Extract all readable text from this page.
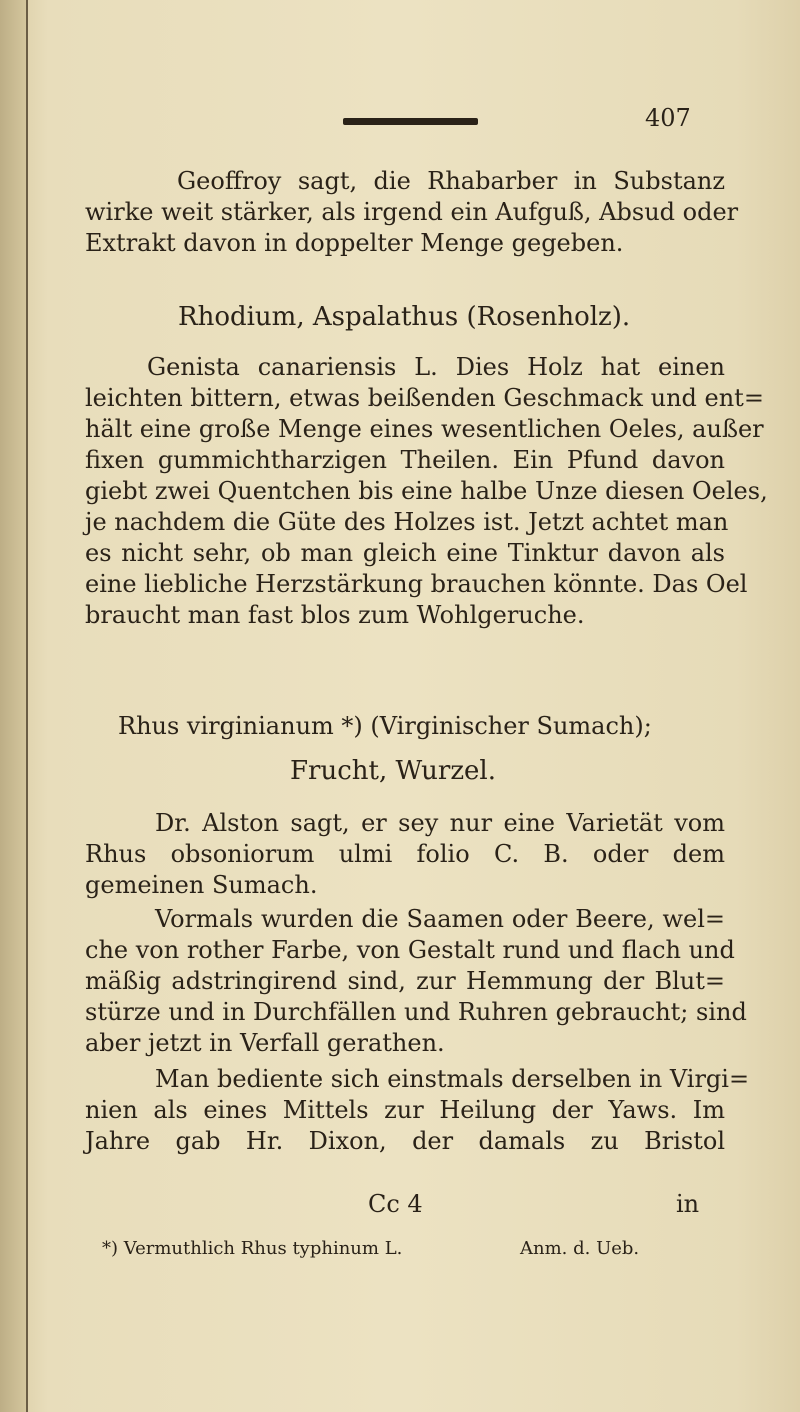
407
Geoffroy sagt, die Rhabarber in Substanz
wirke weit stärker, als irgend ein Aufguß, Absud oder
Extrakt davon in doppelter Menge gegeben.
Rhodium, Aspalathus (Rosenholz).
Genista canariensis L. Dies Holz hat einen
leichten bittern, etwas beißenden Geschmack und ent=
hält eine große Menge eines wesentlichen Oeles, außer
fixen gummichtharzigen Theilen. Ein Pfund davon
giebt zwei Quentchen bis eine halbe Unze diesen Oeles,
je nachdem die Güte des Holzes ist. Jetzt achtet man
es nicht sehr, ob man gleich eine Tinktur davon als
eine liebliche Herzstärkung brauchen könnte. Das Oel
braucht man fast blos zum Wohlgeruche.
Rhus virginianum *) (Virginischer Sumach);
Frucht, Wurzel.
Dr. Alston sagt, er sey nur eine Varietät vom
Rhus obsoniorum ulmi folio C. B. oder dem
gemeinen Sumach.
Vormals wurden die Saamen oder Beere, wel=
che von rother Farbe, von Gestalt rund und flach und
mäßig adstringirend sind, zur Hemmung der Blut=
stürze und in Durchfällen und Ruhren gebraucht; sind
aber jetzt in Verfall gerathen.
Man bediente sich einstmals derselben in Virgi=
nien als eines Mittels zur Heilung der Yaws. Im
Jahre gab Hr. Dixon, der damals zu Bristol
Cc 4	in
*) Vermuthlich Rhus typhinum L.	Anm. d. Ueb.
